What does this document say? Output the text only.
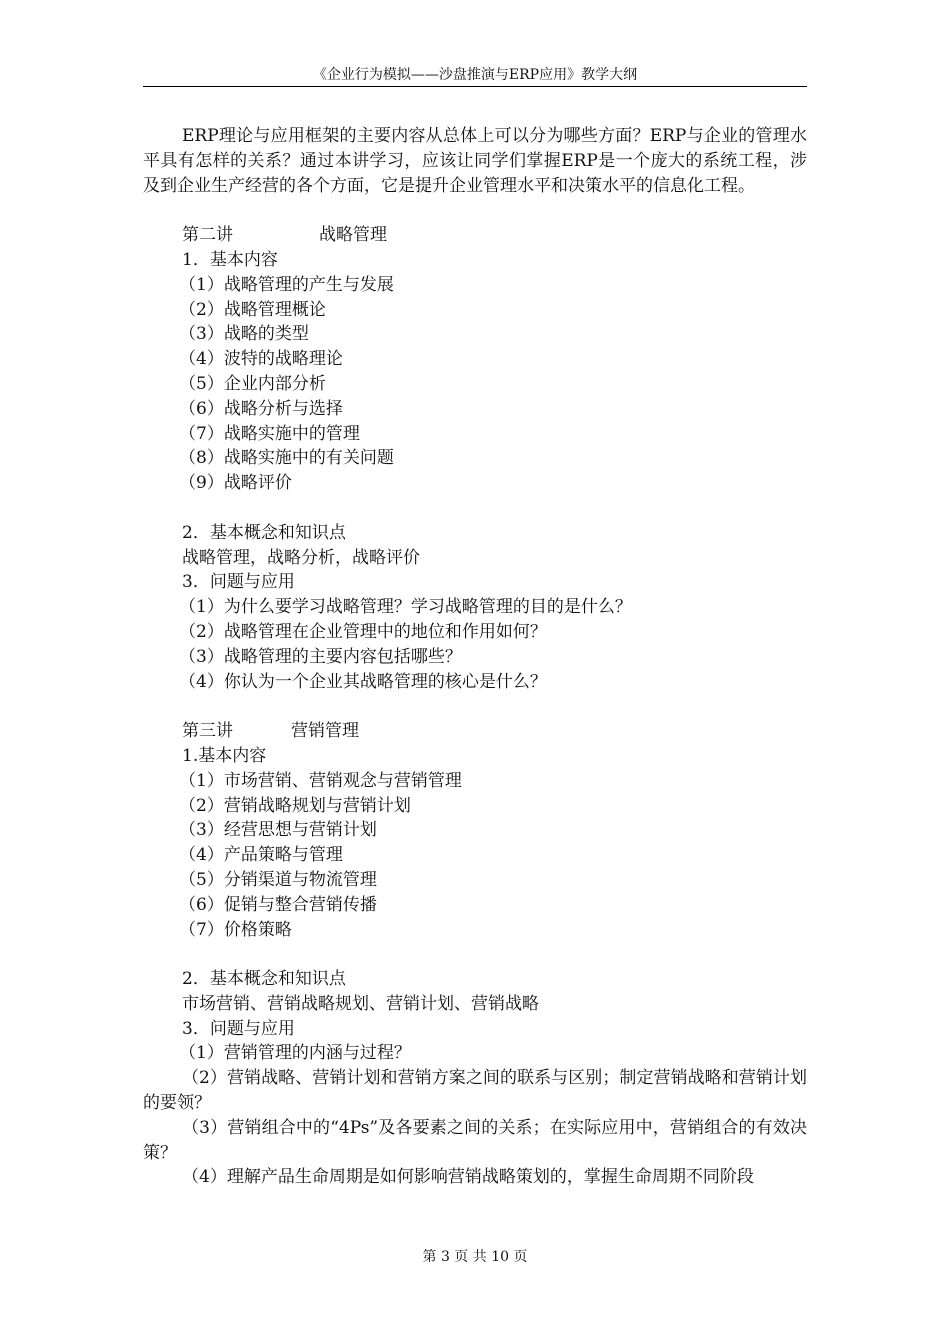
《企业行为模拟——沙盘推演与ERP应用》教学大纲

ERP理论与应用框架的主要内容从总体上可以分为哪些方面？ERP与企业的管理水平具有怎样的关系？通过本讲学习，应该让同学们掌握ERP是一个庞大的系统工程，涉及到企业生产经营的各个方面，它是提升企业管理水平和决策水平的信息化工程。

第二讲	战略管理
1．基本内容
（1）战略管理的产生与发展
（2）战略管理概论
（3）战略的类型
（4）波特的战略理论
（5）企业内部分析
（6）战略分析与选择
（7）战略实施中的管理
（8）战略实施中的有关问题
（9）战略评价
2．基本概念和知识点
战略管理，战略分析，战略评价
3．问题与应用
（1）为什么要学习战略管理？学习战略管理的目的是什么？
（2）战略管理在企业管理中的地位和作用如何？
（3）战略管理的主要内容包括哪些？
（4）你认为一个企业其战略管理的核心是什么？
第三讲	营销管理
1.基本内容
（1）市场营销、营销观念与营销管理
（2）营销战略规划与营销计划
（3）经营思想与营销计划
（4）产品策略与管理
（5）分销渠道与物流管理
（6）促销与整合营销传播
（7）价格策略
2．基本概念和知识点
市场营销、营销战略规划、营销计划、营销战略
3．问题与应用
（1）营销管理的内涵与过程？

（2）营销战略、营销计划和营销方案之间的联系与区别；制定营销战略和营销计划的要领？

（3）营销组合中的“4Ps”及各要素之间的关系；在实际应用中，营销组合的有效决策？

（4）理解产品生命周期是如何影响营销战略策划的，掌握生命周期不同阶段

第 3 页 共 10 页
